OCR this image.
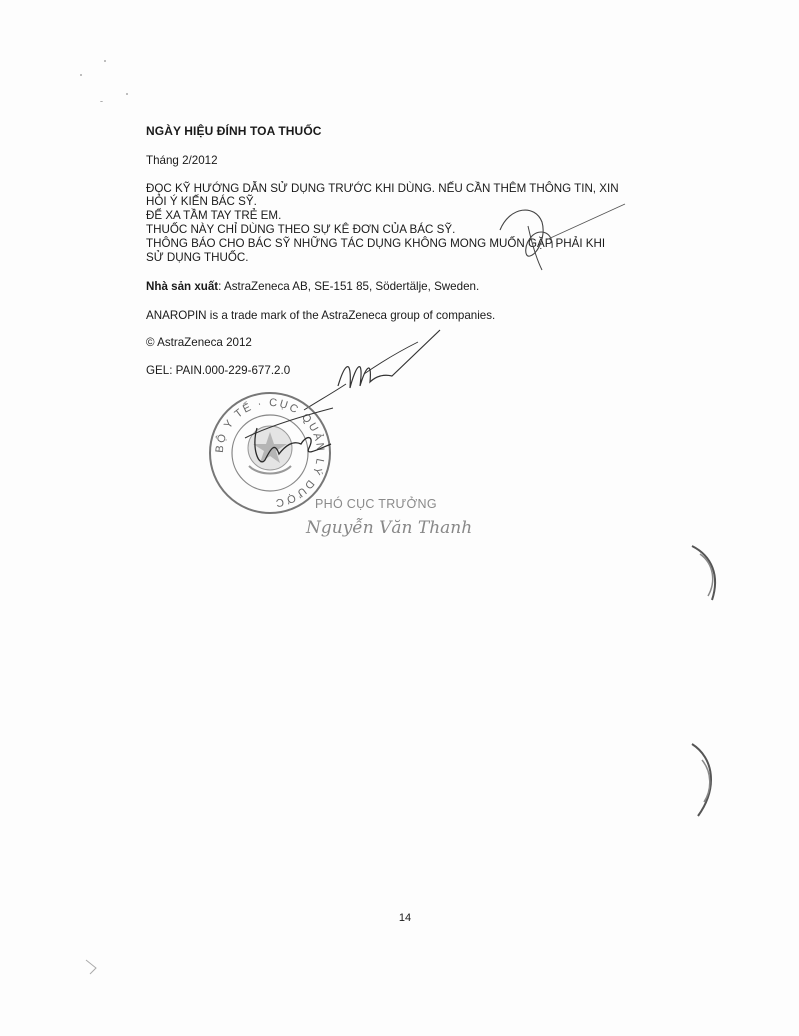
NGÀY HIỆU ĐÍNH TOA THUỐC
Tháng 2/2012
ĐỌC KỸ HƯỚNG DẪN SỬ DỤNG TRƯỚC KHI DÙNG. NẾU CẦN THÊM THÔNG TIN, XIN
HỎI Ý KIẾN BÁC SỸ.
ĐỂ XA TẦM TAY TRẺ EM.
THUỐC NÀY CHỈ DÙNG THEO SỰ KÊ ĐƠN CỦA BÁC SỸ.
THÔNG BÁO CHO BÁC SỸ NHỮNG TÁC DỤNG KHÔNG MONG MUỐN GẶP PHẢI KHI
SỬ DỤNG THUỐC.
Nhà sản xuất: AstraZeneca AB, SE-151 85, Södertälje, Sweden.
ANAROPIN is a trade mark of the AstraZeneca group of companies.
© AstraZeneca 2012
GEL: PAIN.000-229-677.2.0
BỘ Y TẾ · CỤC QUẢN LÝ DƯỢC	PHÓ CỤC TRƯỞNG
Nguyễn Văn Thanh
14
